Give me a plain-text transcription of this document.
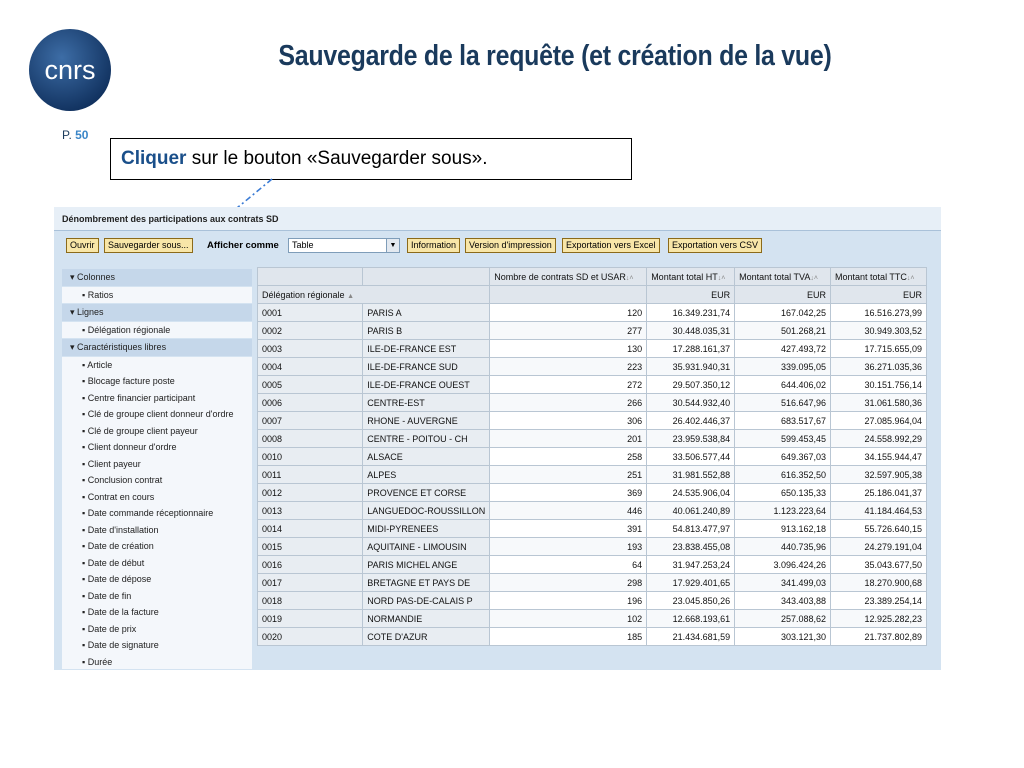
cnrs	Sauvegarde de la requête (et création de la vue)
P. 50
Cliquer sur le bouton «Sauvegarder sous».
Dénombrement des participations aux contrats SD
Ouvrir	Sauvegarder sous...	Afficher comme	Table	▼	Information	Version d'impression	Exportation vers Excel	Exportation vers CSV
▾ Colonnes
▪ Ratios
▾ Lignes
▪ Délégation régionale
▾ Caractéristiques libres
▪ Article
▪ Blocage facture poste
▪ Centre financier participant
▪ Clé de groupe client donneur d'ordre
▪ Clé de groupe client payeur
▪ Client donneur d'ordre
▪ Client payeur
▪ Conclusion contrat
▪ Contrat en cours
▪ Date commande réceptionnaire
▪ Date d'installation
▪ Date de création
▪ Date de début
▪ Date de dépose
▪ Date de fin
▪ Date de la facture
▪ Date de prix
▪ Date de signature
▪ Durée
		Nombre de contrats SD et USAR↓˄	Montant total HT↓˄	Montant total TVA↓˄	Montant total TTC↓˄
Délégation régionale ▲			EUR	EUR	EUR
0001	PARIS A	120	16.349.231,74	167.042,25	16.516.273,99
0002	PARIS B	277	30.448.035,31	501.268,21	30.949.303,52
0003	ILE-DE-FRANCE EST	130	17.288.161,37	427.493,72	17.715.655,09
0004	ILE-DE-FRANCE SUD	223	35.931.940,31	339.095,05	36.271.035,36
0005	ILE-DE-FRANCE OUEST	272	29.507.350,12	644.406,02	30.151.756,14
0006	CENTRE-EST	266	30.544.932,40	516.647,96	31.061.580,36
0007	RHONE - AUVERGNE	306	26.402.446,37	683.517,67	27.085.964,04
0008	CENTRE - POITOU - CH	201	23.959.538,84	599.453,45	24.558.992,29
0010	ALSACE	258	33.506.577,44	649.367,03	34.155.944,47
0011	ALPES	251	31.981.552,88	616.352,50	32.597.905,38
0012	PROVENCE ET CORSE	369	24.535.906,04	650.135,33	25.186.041,37
0013	LANGUEDOC-ROUSSILLON	446	40.061.240,89	1.123.223,64	41.184.464,53
0014	MIDI-PYRENEES	391	54.813.477,97	913.162,18	55.726.640,15
0015	AQUITAINE - LIMOUSIN	193	23.838.455,08	440.735,96	24.279.191,04
0016	PARIS MICHEL ANGE	64	31.947.253,24	3.096.424,26	35.043.677,50
0017	BRETAGNE ET PAYS DE	298	17.929.401,65	341.499,03	18.270.900,68
0018	NORD PAS-DE-CALAIS P	196	23.045.850,26	343.403,88	23.389.254,14
0019	NORMANDIE	102	12.668.193,61	257.088,62	12.925.282,23
0020	COTE D'AZUR	185	21.434.681,59	303.121,30	21.737.802,89
